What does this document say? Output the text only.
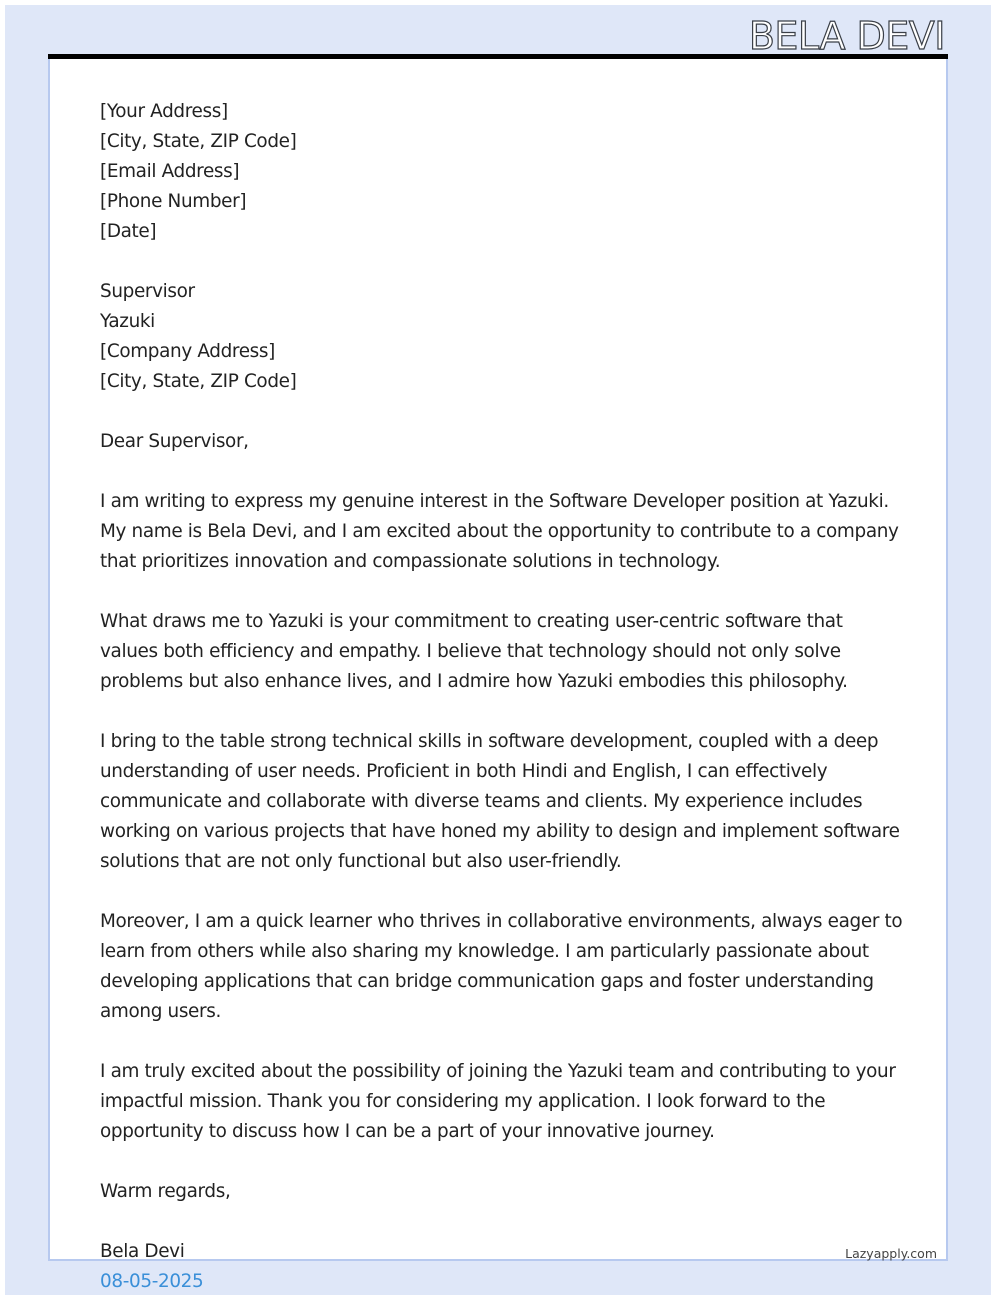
BELA DEVI
[Your Address]
[City, State, ZIP Code]
[Email Address]
[Phone Number]
[Date]
Supervisor
Yazuki
[Company Address]
[City, State, ZIP Code]
Dear Supervisor,

I am writing to express my genuine interest in the Software Developer position at Yazuki.
My name is Bela Devi, and I am excited about the opportunity to contribute to a company
that prioritizes innovation and compassionate solutions in technology.

What draws me to Yazuki is your commitment to creating user-centric software that
values both efficiency and empathy. I believe that technology should not only solve
problems but also enhance lives, and I admire how Yazuki embodies this philosophy.

I bring to the table strong technical skills in software development, coupled with a deep
understanding of user needs. Proficient in both Hindi and English, I can effectively
communicate and collaborate with diverse teams and clients. My experience includes
working on various projects that have honed my ability to design and implement software
solutions that are not only functional but also user-friendly.

Moreover, I am a quick learner who thrives in collaborative environments, always eager to
learn from others while also sharing my knowledge. I am particularly passionate about
developing applications that can bridge communication gaps and foster understanding
among users.

I am truly excited about the possibility of joining the Yazuki team and contributing to your
impactful mission. Thank you for considering my application. I look forward to the
opportunity to discuss how I can be a part of your innovative journey.

Warm regards,
Bela Devi
08-05-2025
Lazyapply.com
